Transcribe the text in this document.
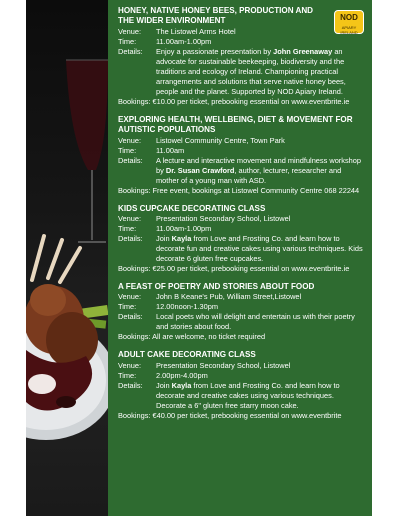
NOD
APIARY IRELAND
HONEY, NATIVE HONEY BEES, PRODUCTION AND THE WIDER ENVIRONMENT
Venue:	The Listowel Arms Hotel
Time:	11.00am-1.00pm
Details:	Enjoy a passionate presentation by John Greenaway an advocate for sustainable beekeeping, biodiversity and the traditions and ecology of Ireland. Championing practical arrangements and solutions that serve native honey bees, people and the planet. Supported by NOD Apiary Ireland.
Bookings: €10.00 per ticket, prebooking essential on www.eventbrite.ie
EXPLORING HEALTH, WELLBEING, DIET & MOVEMENT FOR AUTISTIC POPULATIONS
Venue:	Listowel Community Centre, Town Park
Time:	11.00am
Details:	A lecture and interactive movement and mindfulness workshop by Dr. Susan Crawford, author, lecturer, researcher and mother of a young man with ASD.
Bookings: Free event, bookings at Listowel Community Centre 068 22244
KIDS CUPCAKE DECORATING CLASS
Venue:	Presentation Secondary School, Listowel
Time:	11.00am-1.00pm
Details:	Join Kayla from Love and Frosting Co. and learn how to decorate fun and creative cakes using various techniques. Kids decorate 6 gluten free cupcakes.
Bookings: €25.00 per ticket, prebooking essential on www.eventbrite.ie
A FEAST OF POETRY AND STORIES ABOUT FOOD
Venue:	John B Keane's Pub, William Street,Listowel
Time:	12.00noon-1.30pm
Details:	Local poets who will delight and entertain us with their poetry and stories about food.
Bookings: All are welcome, no ticket required
ADULT CAKE DECORATING CLASS
Venue:	Presentation Secondary School, Listowel
Time:	2.00pm-4.00pm
Details:	Join Kayla from Love and Frosting Co. and learn how to decorate and creative cakes using various techniques. Decorate a 6" gluten free starry moon cake.
Bookings: €40.00 per ticket, prebooking essential on www.eventbrite
